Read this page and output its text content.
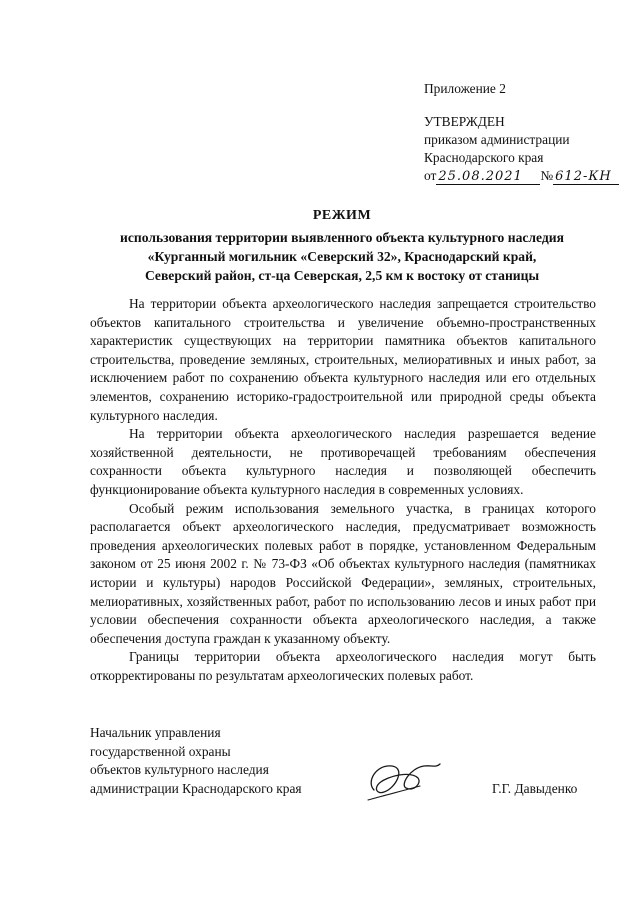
Приложение 2
УТВЕРЖДЕН
приказом администрации
Краснодарского края
от 25.08.2021 № 612-КН
РЕЖИМ
использования территории выявленного объекта культурного наследия
«Курганный могильник «Северский 32», Краснодарский край,
Северский район, ст-ца Северская, 2,5 км к востоку от станицы

На территории объекта археологического наследия запрещается строительство объектов капитального строительства и увеличение объемно-пространственных характеристик существующих на территории памятника объектов капитального строительства, проведение земляных, строительных, мелиоративных и иных работ, за исключением работ по сохранению объекта культурного наследия или его отдельных элементов, сохранению историко-градостроительной или природной среды объекта культурного наследия.

На территории объекта археологического наследия разрешается ведение хозяйственной деятельности, не противоречащей требованиям обеспечения сохранности объекта культурного наследия и позволяющей обеспечить функционирование объекта культурного наследия в современных условиях.

Особый режим использования земельного участка, в границах которого располагается объект археологического наследия, предусматривает возможность проведения археологических полевых работ в порядке, установленном Федеральным законом от 25 июня 2002 г. № 73-ФЗ «Об объектах культурного наследия (памятниках истории и культуры) народов Российской Федерации», земляных, строительных, мелиоративных, хозяйственных работ, работ по использованию лесов и иных работ при условии обеспечения сохранности объекта археологического наследия, а также обеспечения доступа граждан к указанному объекту.

Границы территории объекта археологического наследия могут быть откорректированы по результатам археологических полевых работ.

Начальник управления
государственной охраны
объектов культурного наследия
администрации Краснодарского края	Г.Г. Давыденко
